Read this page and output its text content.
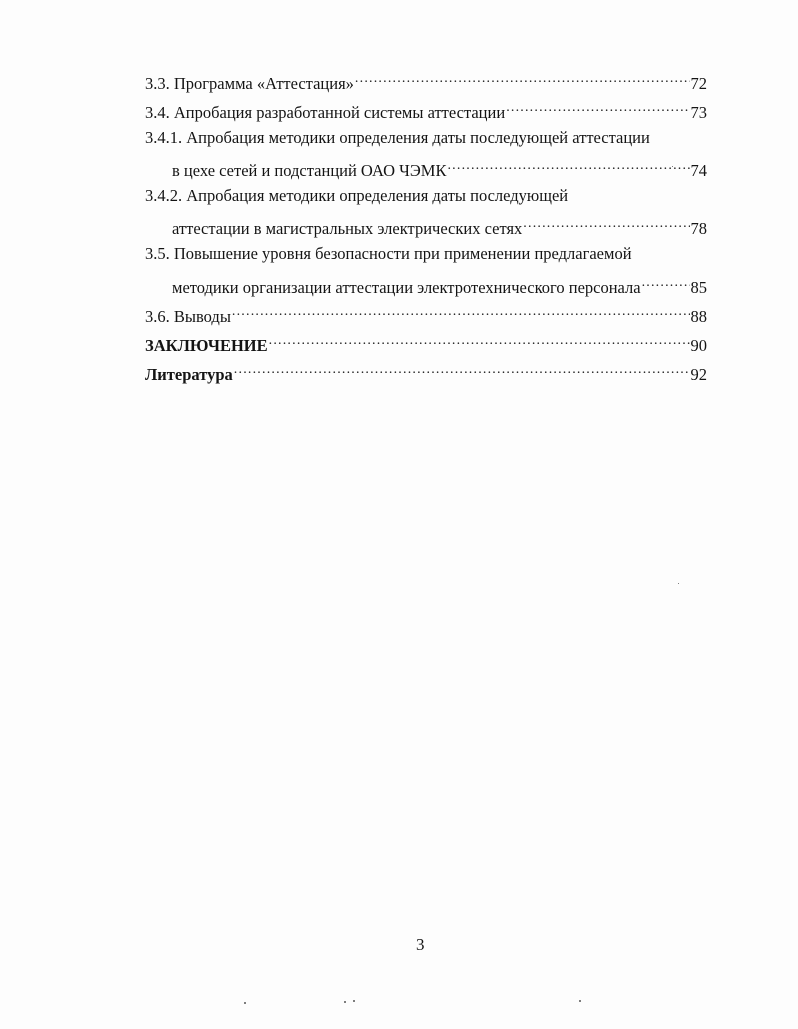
3.3. Программа «Аттестация» .....	72
3.4. Апробация разработанной системы аттестации .....	73
3.4.1. Апробация методики определения даты последующей аттестации
в цехе сетей и подстанций ОАО ЧЭМК .....	74
3.4.2. Апробация методики определения даты последующей
аттестации в магистральных электрических сетях .....	78
3.5. Повышение уровня безопасности при применении предлагаемой
методики организации аттестации электротехнического персонала .....	85
3.6. Выводы .....	88
ЗАКЛЮЧЕНИЕ .....	90
Литература .....	92
3
